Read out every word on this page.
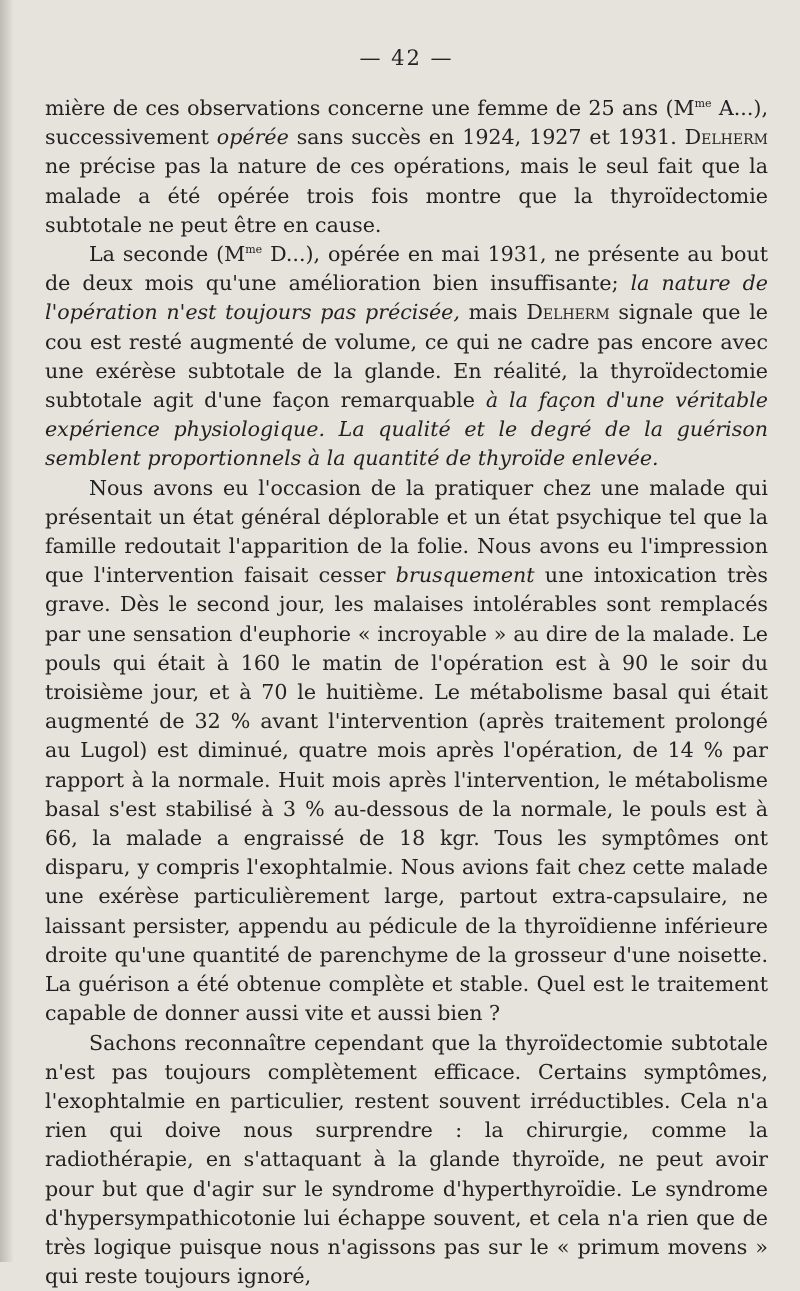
— 42 —

mière de ces observations concerne une femme de 25 ans ($M^{me}$ A...), successivement opérée sans succès en 1924, 1927 et 1931. Delherm ne précise pas la nature de ces opérations, mais le seul fait que la malade a été opérée trois fois montre que la thyroïdectomie subtotale ne peut être en cause.

La seconde ($M^{me}$ D...), opérée en mai 1931, ne présente au bout de deux mois qu'une amélioration bien insuffisante; la nature de l'opération n'est toujours pas précisée, mais Delherm signale que le cou est resté augmenté de volume, ce qui ne cadre pas encore avec une exérèse subtotale de la glande. En réalité, la thyroïdectomie subtotale agit d'une façon remarquable à la façon d'une véritable expérience physiologique. La qualité et le degré de la guérison semblent proportionnels à la quantité de thyroïde enlevée.

Nous avons eu l'occasion de la pratiquer chez une malade qui présentait un état général déplorable et un état psychique tel que la famille redoutait l'apparition de la folie. Nous avons eu l'impression que l'intervention faisait cesser brusquement une intoxication très grave. Dès le second jour, les malaises intolérables sont remplacés par une sensation d'euphorie « incroyable » au dire de la malade. Le pouls qui était à 160 le matin de l'opération est à 90 le soir du troisième jour, et à 70 le huitième. Le métabolisme basal qui était augmenté de 32 % avant l'intervention (après traitement prolongé au Lugol) est diminué, quatre mois après l'opération, de 14 % par rapport à la normale. Huit mois après l'intervention, le métabolisme basal s'est stabilisé à 3 % au-dessous de la normale, le pouls est à 66, la malade a engraissé de 18 kgr. Tous les symptômes ont disparu, y compris l'exophtalmie. Nous avions fait chez cette malade une exérèse particulièrement large, partout extra-capsulaire, ne laissant persister, appendu au pédicule de la thyroïdienne inférieure droite qu'une quantité de parenchyme de la grosseur d'une noisette. La guérison a été obtenue complète et stable. Quel est le traitement capable de donner aussi vite et aussi bien ?

Sachons reconnaître cependant que la thyroïdectomie subtotale n'est pas toujours complètement efficace. Certains symptômes, l'exophtalmie en particulier, restent souvent irréductibles. Cela n'a rien qui doive nous surprendre : la chirurgie, comme la radiothérapie, en s'attaquant à la glande thyroïde, ne peut avoir pour but que d'agir sur le syndrome d'hyperthyroïdie. Le syndrome d'hypersympathicotonie lui échappe souvent, et cela n'a rien que de très logique puisque nous n'agissons pas sur le « primum movens » qui reste toujours ignoré,
